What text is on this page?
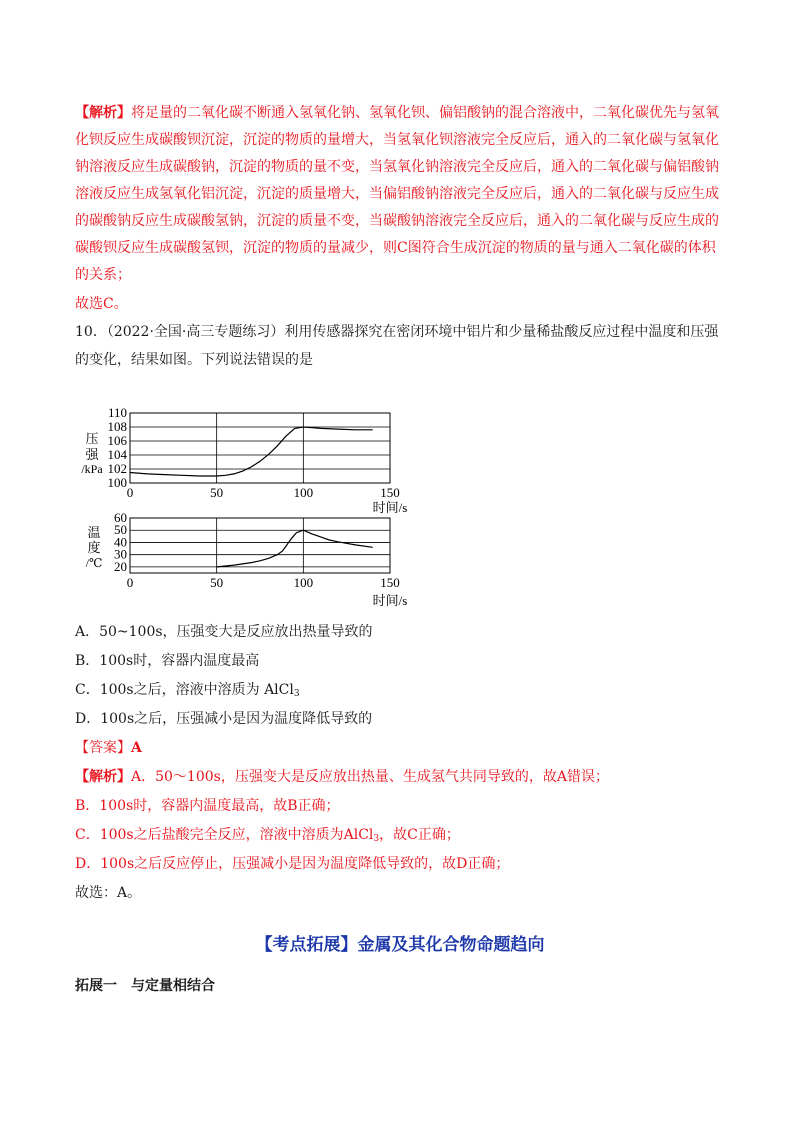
【解析】将足量的二氧化碳不断通入氢氧化钠、氢氧化钡、偏铝酸钠的混合溶液中，二氧化碳优先与氢氧
化钡反应生成碳酸钡沉淀，沉淀的物质的量增大，当氢氧化钡溶液完全反应后，通入的二氧化碳与氢氧化
钠溶液反应生成碳酸钠，沉淀的物质的量不变，当氢氧化钠溶液完全反应后，通入的二氧化碳与偏铝酸钠
溶液反应生成氢氧化铝沉淀，沉淀的质量增大，当偏铝酸钠溶液完全反应后，通入的二氧化碳与反应生成
的碳酸钠反应生成碳酸氢钠，沉淀的质量不变，当碳酸钠溶液完全反应后，通入的二氧化碳与反应生成的
碳酸钡反应生成碳酸氢钡，沉淀的物质的量减少，则C图符合生成沉淀的物质的量与通入二氧化碳的体积
的关系；
故选C。
10．（2022·全国·高三专题练习）利用传感器探究在密闭环境中铝片和少量稀盐酸反应过程中温度和压强
的变化，结果如图。下列说法错误的是
0	50	100	150
100
102
104
106
108
110
压
强
/kPa
时间/s
0	50	100	150
20
30
40
50
60
温
度
/℃
时间/s
A．50~100s，压强变大是反应放出热量导致的
B．100s时，容器内温度最高
C．100s之后，溶液中溶质为 AlCl$_3$
D．100s之后，压强减小是因为温度降低导致的
【答案】A
【解析】A．50～100s，压强变大是反应放出热量、生成氢气共同导致的，故A错误；
B．100s时，容器内温度最高，故B正确；
C．100s之后盐酸完全反应，溶液中溶质为AlCl$_3$，故C正确；
D．100s之后反应停止，压强减小是因为温度降低导致的，故D正确；
故选：A。
【考点拓展】金属及其化合物命题趋向
拓展一　与定量相结合
